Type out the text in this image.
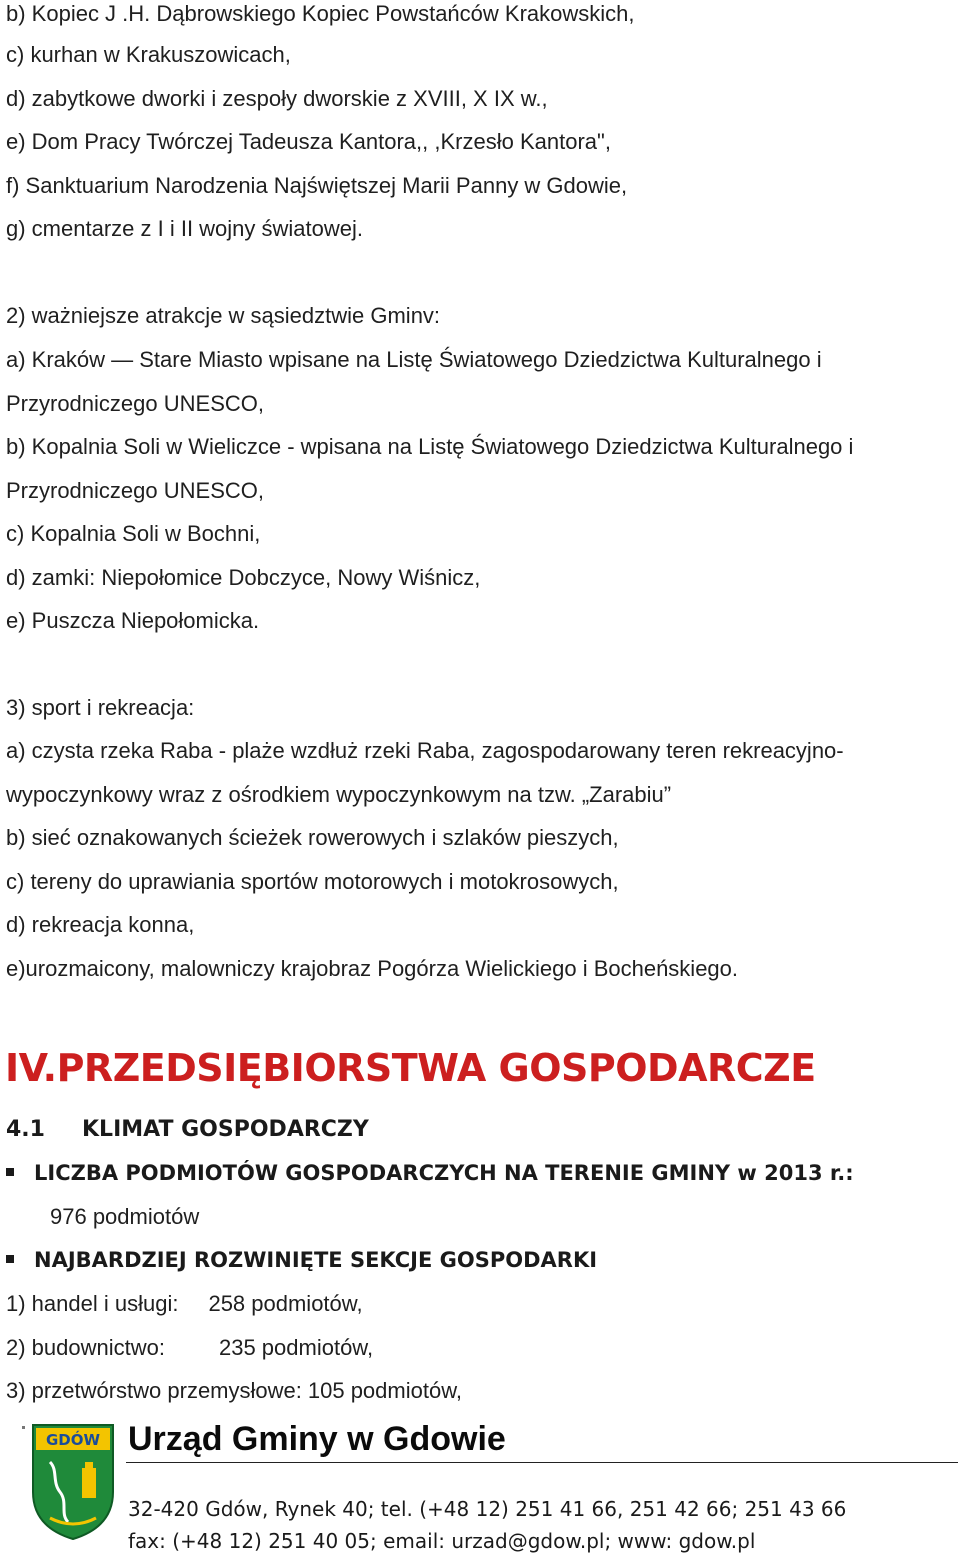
b) Kopiec J .H. Dąbrowskiego Kopiec Powstańców Krakowskich,

c) kurhan w Krakuszowicach,

d) zabytkowe dworki i zespoły dworskie z XVIII, X IX w.,

e) Dom Pracy Twórczej Tadeusza Kantora,, ,Krzesło Kantora",

f) Sanktuarium Narodzenia Najświętszej Marii Panny w Gdowie,

g) cmentarze z I i II wojny światowej.

2) ważniejsze atrakcje w sąsiedztwie Gminv:

a) Kraków — Stare Miasto wpisane na Listę Światowego Dziedzictwa Kulturalnego i

Przyrodniczego UNESCO,

b) Kopalnia Soli w Wieliczce - wpisana na Listę Światowego Dziedzictwa Kulturalnego i

Przyrodniczego UNESCO,

c) Kopalnia Soli w Bochni,

d) zamki: Niepołomice Dobczyce, Nowy Wiśnicz,

e) Puszcza Niepołomicka.

3) sport i rekreacja:

a) czysta rzeka Raba - plaże wzdłuż rzeki Raba, zagospodarowany teren rekreacyjno-

wypoczynkowy wraz z ośrodkiem wypoczynkowym na tzw. „Zarabiu”

b) sieć oznakowanych ścieżek rowerowych i szlaków pieszych,

c) tereny do uprawiania sportów motorowych i motokrosowych,

d) rekreacja konna,

e)urozmaicony, malowniczy krajobraz Pogórza Wielickiego i Bocheńskiego.

IV.PRZEDSIĘBIORSTWA GOSPODARCZE
4.1 KLIMAT GOSPODARCZY
LICZBA PODMIOTÓW GOSPODARCZYCH NA TERENIE GMINY w 2013 r.:

976 podmiotów

NAJBARDZIEJ ROZWINIĘTE SEKCJE GOSPODARKI

1) handel i usługi: 258 podmiotów,

2) budownictwo: 235 podmiotów,

3) przetwórstwo przemysłowe: 105 podmiotów,

GDÓW Urząd Gminy w Gdowie

32-420 Gdów, Rynek 40; tel. (+48 12) 251 41 66, 251 42 66; 251 43 66

fax: (+48 12) 251 40 05; email: urzad@gdow.pl; www: gdow.pl
